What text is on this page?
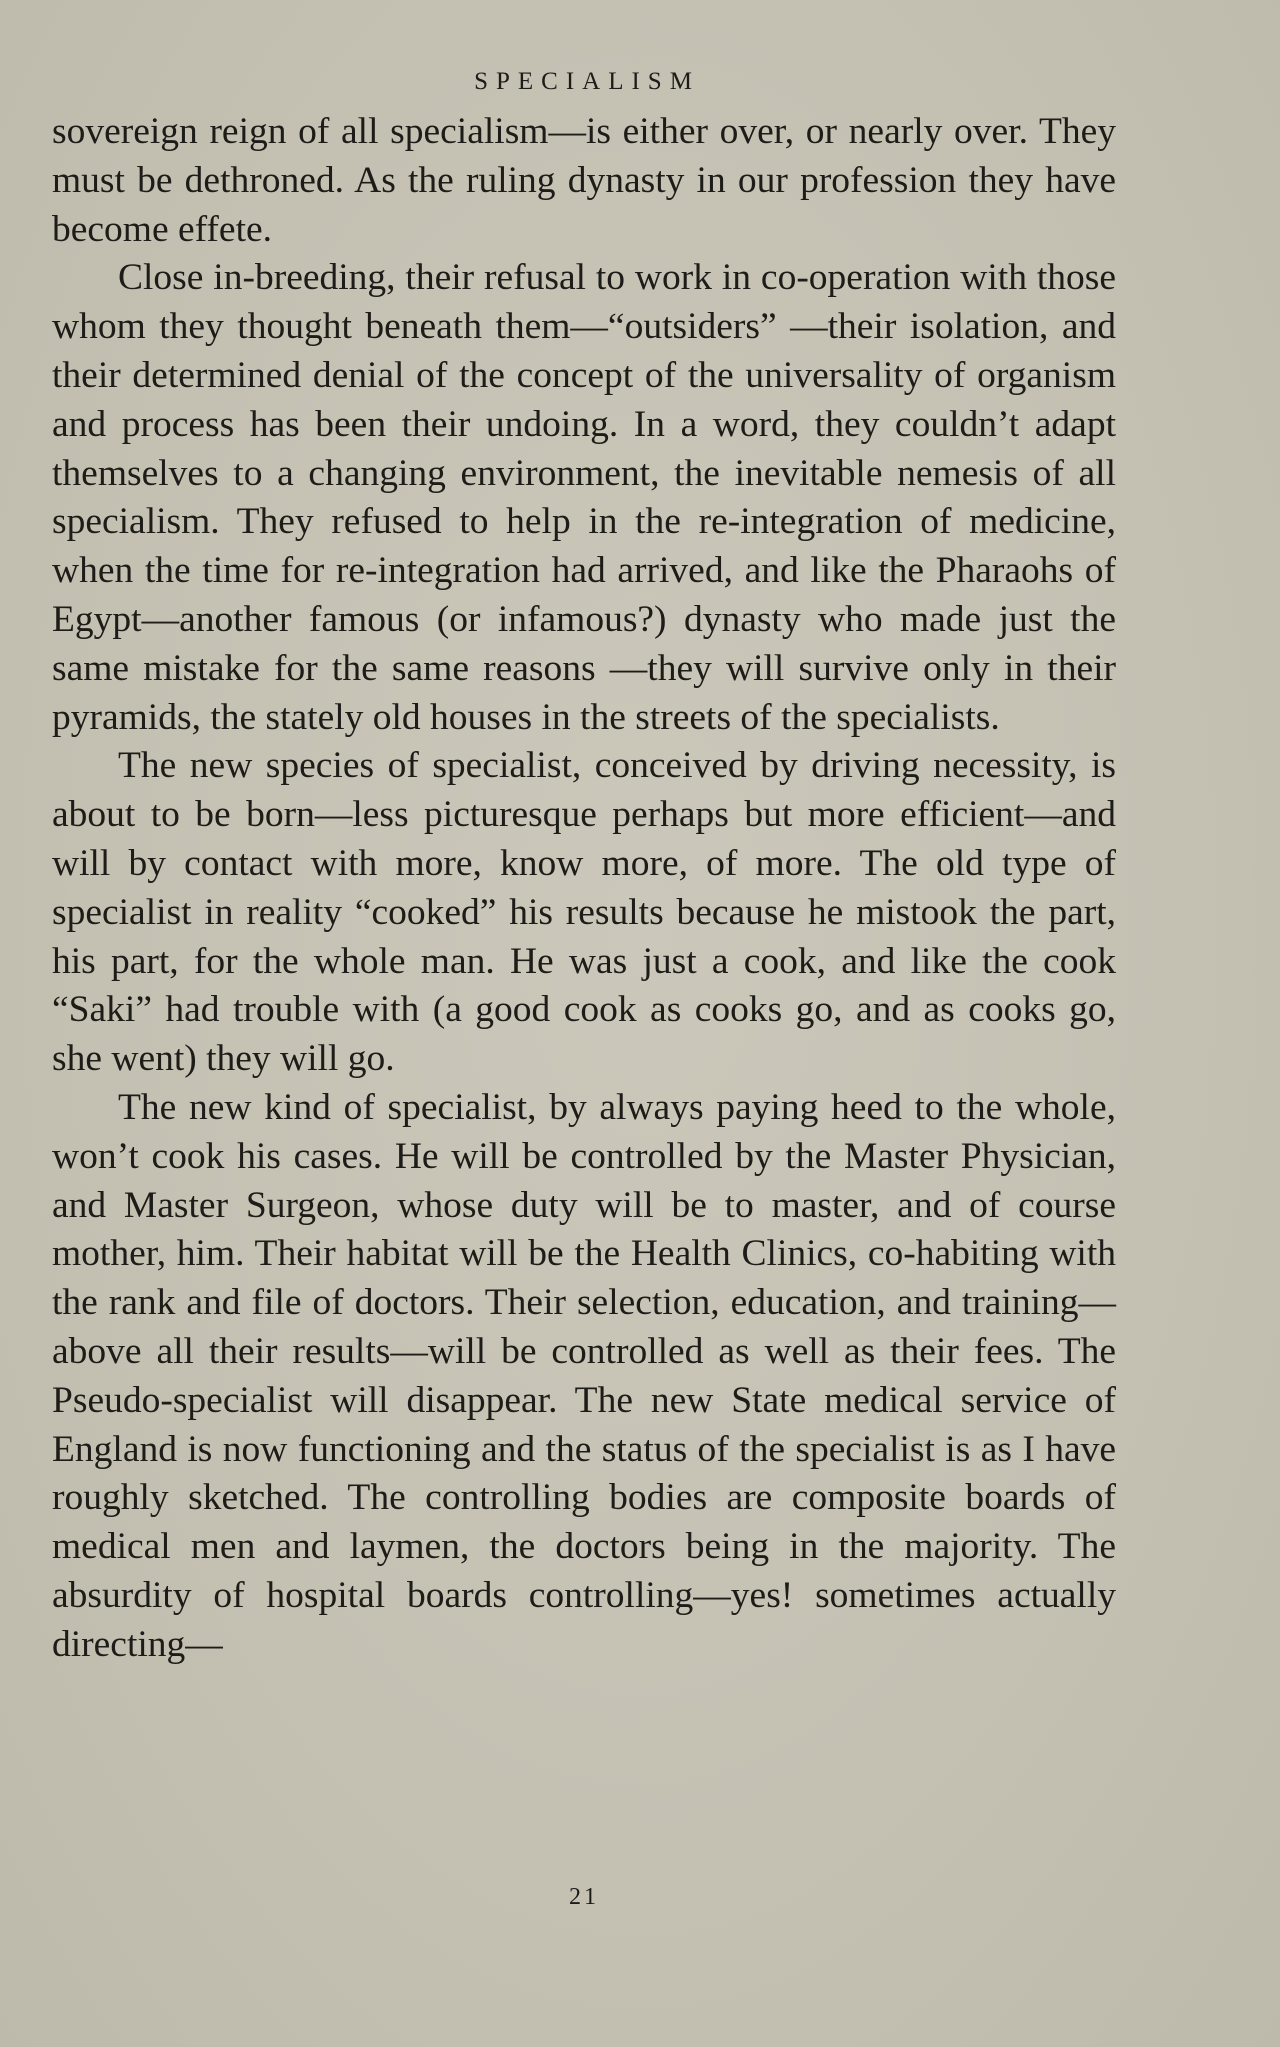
SPECIALISM

sovereign reign of all specialism—is either over, or nearly over. They must be dethroned. As the ruling dynasty in our profession they have become effete.

Close in-breeding, their refusal to work in co-operation with those whom they thought beneath them—“outsiders” —their isolation, and their determined denial of the concept of the universality of organism and process has been their undoing. In a word, they couldn’t adapt themselves to a changing environment, the inevitable nemesis of all specialism. They refused to help in the re-integration of medicine, when the time for re-integration had arrived, and like the Pharaohs of Egypt—another famous (or infamous?) dynasty who made just the same mistake for the same reasons —they will survive only in their pyramids, the stately old houses in the streets of the specialists.

The new species of specialist, conceived by driving necessity, is about to be born—less picturesque perhaps but more efficient—and will by contact with more, know more, of more. The old type of specialist in reality “cooked” his results because he mistook the part, his part, for the whole man. He was just a cook, and like the cook “Saki” had trouble with (a good cook as cooks go, and as cooks go, she went) they will go.

The new kind of specialist, by always paying heed to the whole, won’t cook his cases. He will be controlled by the Master Physician, and Master Surgeon, whose duty will be to master, and of course mother, him. Their habitat will be the Health Clinics, co-habiting with the rank and file of doctors. Their selection, education, and training—above all their results—will be controlled as well as their fees. The Pseudo-specialist will disappear. The new State medical service of England is now functioning and the status of the specialist is as I have roughly sketched. The controlling bodies are composite boards of medical men and laymen, the doctors being in the majority. The absurdity of hospital boards controlling—yes! sometimes actually directing—

21
